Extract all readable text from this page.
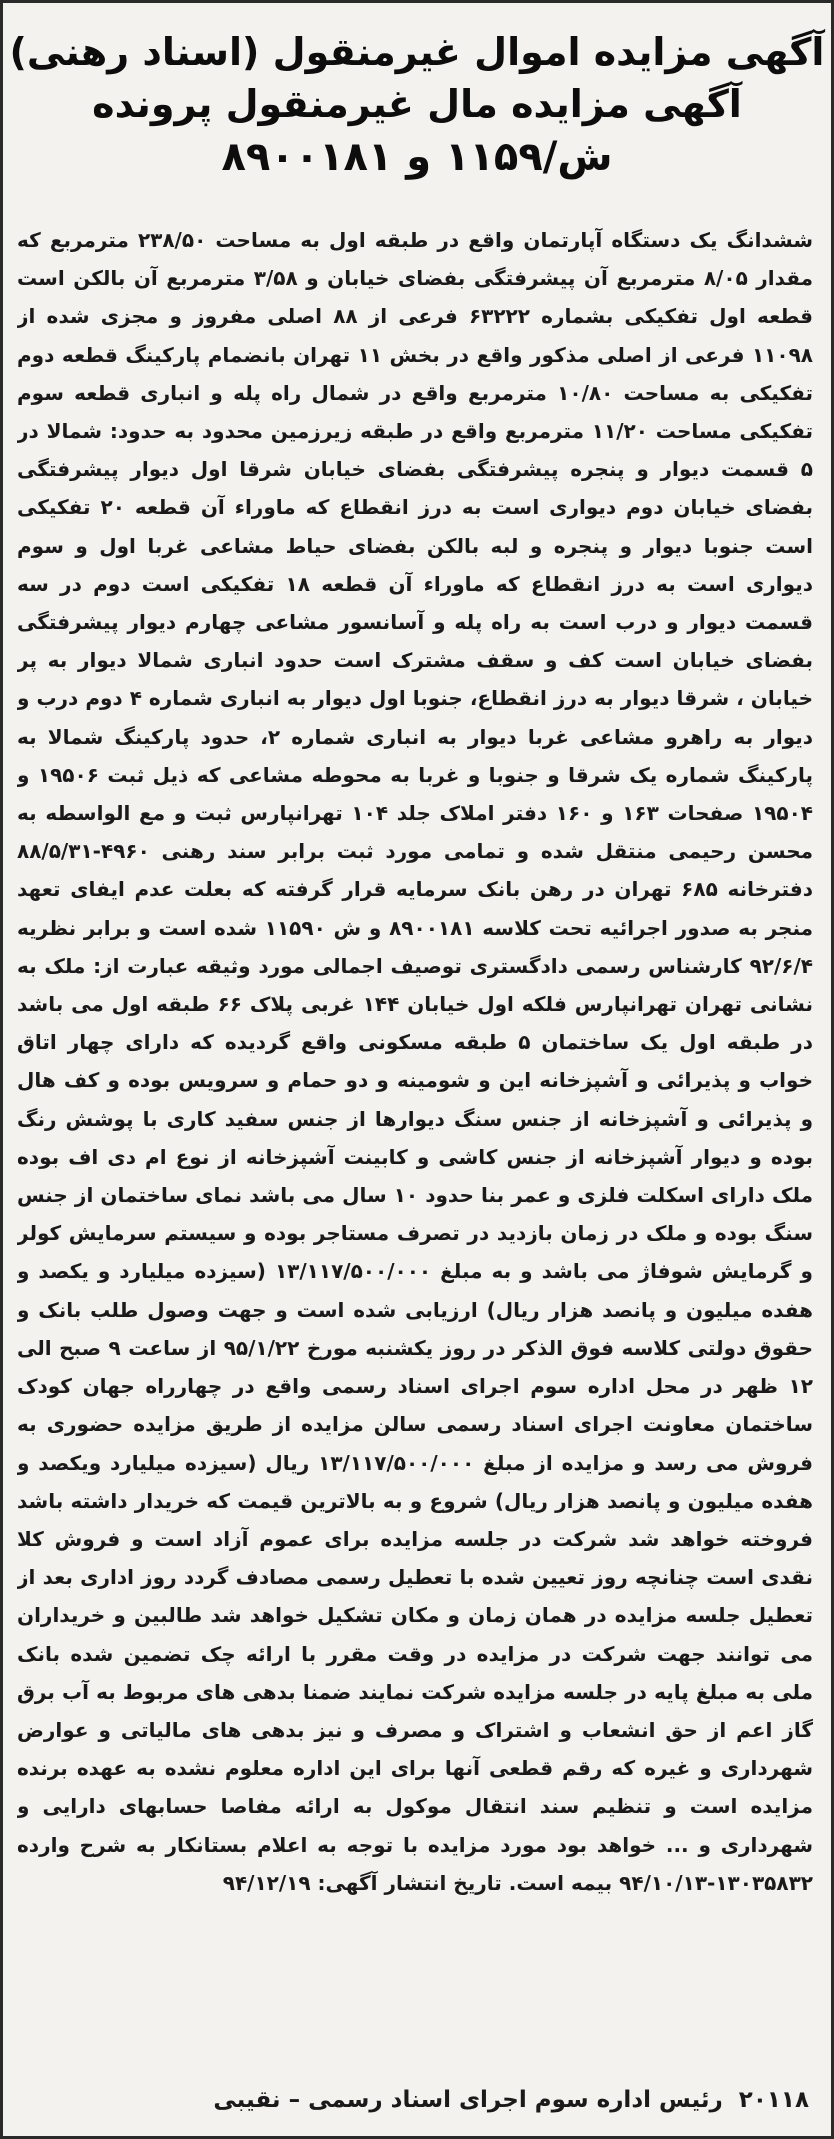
آگهی مزایده اموال غیرمنقول (اسناد رهنی)
آگهی مزایده مال غیرمنقول پرونده
ش/۱۱۵۹ و ۸۹۰۰۱۸۱
ششدانگ یک دستگاه آپارتمان واقع در طبقه اول به مساحت ۲۳۸/۵۰ مترمربع که مقدار ۸/۰۵ مترمربع آن پیشرفتگی بفضای خیابان و ۳/۵۸ مترمربع آن بالکن است قطعه اول تفکیکی بشماره ۶۳۲۲۲ فرعی از ۸۸ اصلی مفروز و مجزی شده از ۱۱۰۹۸ فرعی از اصلی مذکور واقع در بخش ۱۱ تهران بانضمام پارکینگ قطعه دوم تفکیکی به مساحت ۱۰/۸۰ مترمربع واقع در شمال راه پله و انباری قطعه سوم تفکیکی مساحت ۱۱/۲۰ مترمربع واقع در طبقه زیرزمین محدود به حدود: شمالا در ۵ قسمت دیوار و پنجره پیشرفتگی بفضای خیابان شرقا اول دیوار پیشرفتگی بفضای خیابان دوم دیواری است به درز انقطاع که ماوراء آن قطعه ۲۰ تفکیکی است جنوبا دیوار و پنجره و لبه بالکن بفضای حیاط مشاعی غربا اول و سوم دیواری است به درز انقطاع که ماوراء آن قطعه ۱۸ تفکیکی است دوم در سه قسمت دیوار و درب است به راه پله و آسانسور مشاعی چهارم دیوار پیشرفتگی بفضای خیابان است کف و سقف مشترک است حدود انباری شمالا دیوار به پر خیابان ، شرقا دیوار به درز انقطاع، جنوبا اول دیوار به انباری شماره ۴ دوم درب و دیوار به راهرو مشاعی غربا دیوار به انباری شماره ۲، حدود پارکینگ شمالا به پارکینگ شماره یک شرقا و جنوبا و غربا به محوطه مشاعی که ذیل ثبت ۱۹۵۰۶ و ۱۹۵۰۴ صفحات ۱۶۳ و ۱۶۰ دفتر املاک جلد ۱۰۴ تهرانپارس ثبت و مع الواسطه به محسن رحیمی منتقل شده و تمامی مورد ثبت برابر سند رهنی ۴۹۶۰-۸۸/۵/۳۱ دفترخانه ۶۸۵ تهران در رهن بانک سرمایه قرار گرفته که بعلت عدم ایفای تعهد منجر به صدور اجرائیه تحت کلاسه ۸۹۰۰۱۸۱ و ش ۱۱۵۹۰ شده است و برابر نظریه ۹۲/۶/۴ کارشناس رسمی دادگستری توصیف اجمالی مورد وثیقه عبارت از: ملک به نشانی تهران تهرانپارس فلکه اول خیابان ۱۴۴ غربی پلاک ۶۶ طبقه اول می باشد در طبقه اول یک ساختمان ۵ طبقه مسکونی واقع گردیده که دارای چهار اتاق خواب و پذیرائی و آشپزخانه این و شومینه و دو حمام و سرویس بوده و کف هال و پذیرائی و آشپزخانه از جنس سنگ دیوارها از جنس سفید کاری با پوشش رنگ بوده و دیوار آشپزخانه از جنس کاشی و کابینت آشپزخانه از نوع ام دی اف بوده ملک دارای اسکلت فلزی و عمر بنا حدود ۱۰ سال می باشد نمای ساختمان از جنس سنگ بوده و ملک در زمان بازدید در تصرف مستاجر بوده و سیستم سرمایش کولر و گرمایش شوفاژ می باشد و به مبلغ ۱۳/۱۱۷/۵۰۰/۰۰۰ (سیزده میلیارد و یکصد و هفده میلیون و پانصد هزار ریال) ارزیابی شده است و جهت وصول طلب بانک و حقوق دولتی کلاسه فوق الذکر در روز یکشنبه مورخ ۹۵/۱/۲۲ از ساعت ۹ صبح الی ۱۲ ظهر در محل اداره سوم اجرای اسناد رسمی واقع در چهارراه جهان کودک ساختمان معاونت اجرای اسناد رسمی سالن مزایده از طریق مزایده حضوری به فروش می رسد و مزایده از مبلغ ۱۳/۱۱۷/۵۰۰/۰۰۰ ریال (سیزده میلیارد ویکصد و هفده میلیون و پانصد هزار ریال) شروع و به بالاترین قیمت که خریدار داشته باشد فروخته خواهد شد شرکت در جلسه مزایده برای عموم آزاد است و فروش کلا نقدی است چنانچه روز تعیین شده با تعطیل رسمی مصادف گردد روز اداری بعد از تعطیل جلسه مزایده در همان زمان و مکان تشکیل خواهد شد طالبین و خریداران می توانند جهت شرکت در مزایده در وقت مقرر با ارائه چک تضمین شده بانک ملی به مبلغ پایه در جلسه مزایده شرکت نمایند ضمنا بدهی های مربوط به آب برق گاز اعم از حق انشعاب و اشتراک و مصرف و نیز بدهی های مالیاتی و عوارض شهرداری و غیره که رقم قطعی آنها برای این اداره معلوم نشده به عهده برنده مزایده است و تنظیم سند انتقال موکول به ارائه مفاصا حسابهای دارایی و شهرداری و ... خواهد بود مورد مزایده با توجه به اعلام بستانکار به شرح وارده ۱۳۰۳۵۸۳۲-۹۴/۱۰/۱۳ بیمه است. تاریخ انتشار آگهی: ۹۴/۱۲/۱۹
۲۰۱۱۸رئیس اداره سوم اجرای اسناد رسمی – نقیبی
